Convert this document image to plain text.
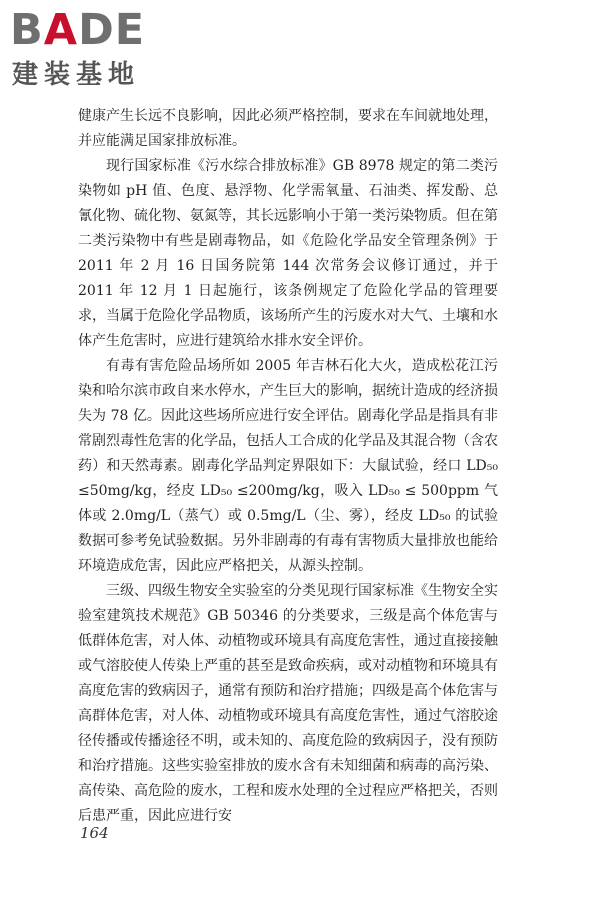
BADE
建装基地

健康产生长远不良影响，因此必须严格控制，要求在车间就地处理，并应能满足国家排放标准。

现行国家标准《污水综合排放标准》GB 8978 规定的第二类污染物如 pH 值、色度、悬浮物、化学需氧量、石油类、挥发酚、总氰化物、硫化物、氨氮等，其长远影响小于第一类污染物质。但在第二类污染物中有些是剧毒物品，如《危险化学品安全管理条例》于 2011 年 2 月 16 日国务院第 144 次常务会议修订通过，并于 2011 年 12 月 1 日起施行，该条例规定了危险化学品的管理要求，当属于危险化学品物质，该场所产生的污废水对大气、土壤和水体产生危害时，应进行建筑给水排水安全评价。

有毒有害危险品场所如 2005 年吉林石化大火，造成松花江污染和哈尔滨市政自来水停水，产生巨大的影响，据统计造成的经济损失为 78 亿。因此这些场所应进行安全评估。剧毒化学品是指具有非常剧烈毒性危害的化学品，包括人工合成的化学品及其混合物（含农药）和天然毒素。剧毒化学品判定界限如下：大鼠试验，经口 LD₅₀ ≤50mg/kg，经皮 LD₅₀ ≤200mg/kg，吸入 LD₅₀ ≤ 500ppm 气体或 2.0mg/L（蒸气）或 0.5mg/L（尘、雾），经皮 LD₅₀ 的试验数据可参考免试验数据。另外非剧毒的有毒有害物质大量排放也能给环境造成危害，因此应严格把关，从源头控制。

三级、四级生物安全实验室的分类见现行国家标准《生物安全实验室建筑技术规范》GB 50346 的分类要求，三级是高个体危害与低群体危害，对人体、动植物或环境具有高度危害性，通过直接接触或气溶胶使人传染上严重的甚至是致命疾病，或对动植物和环境具有高度危害的致病因子，通常有预防和治疗措施；四级是高个体危害与高群体危害，对人体、动植物或环境具有高度危害性，通过气溶胶途径传播或传播途径不明，或未知的、高度危险的致病因子，没有预防和治疗措施。这些实验室排放的废水含有未知细菌和病毒的高污染、高传染、高危险的废水，工程和废水处理的全过程应严格把关，否则后患严重，因此应进行安

164
